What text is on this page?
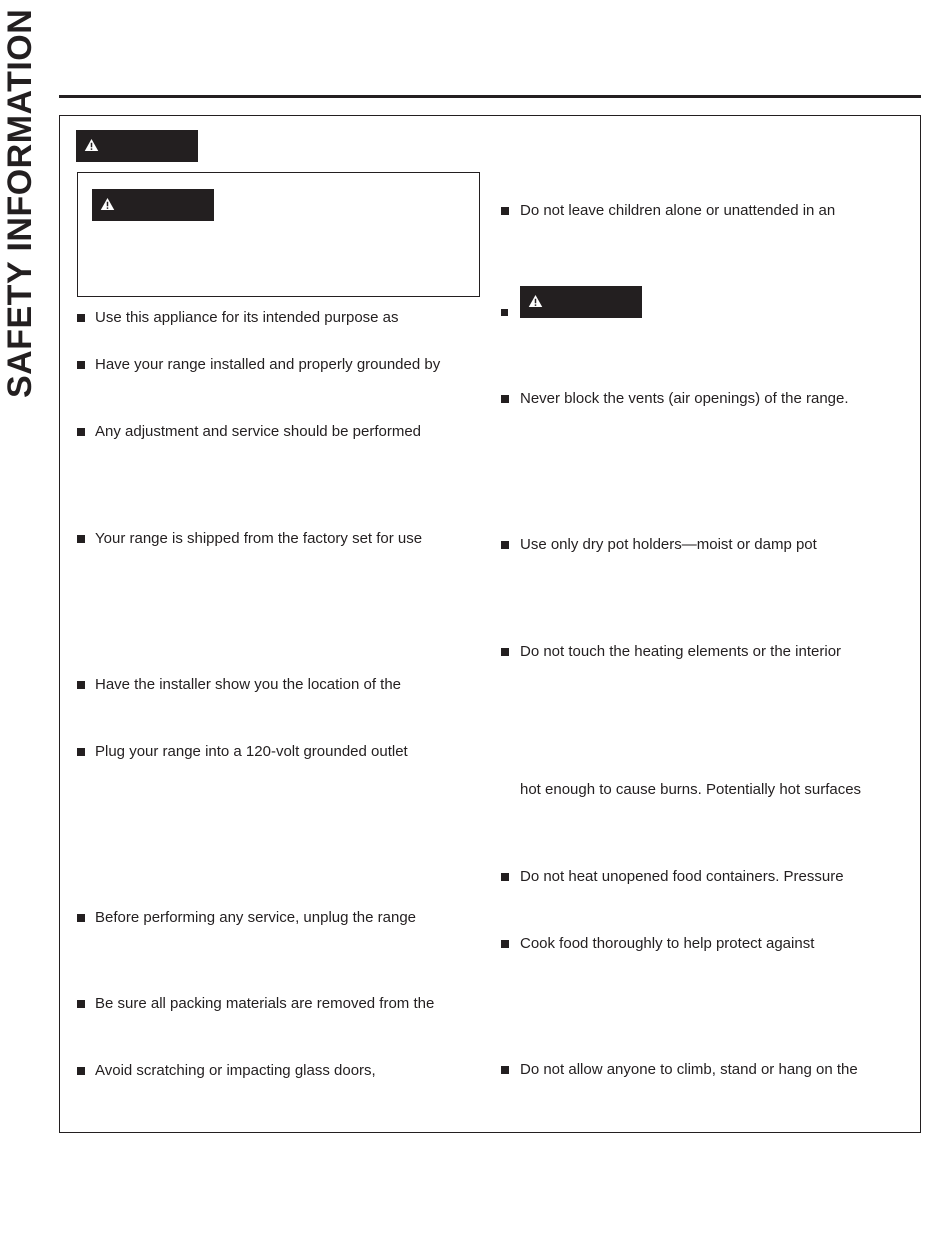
SAFETY INFORMATION	Use this appliance for its intended purpose as
Have your range installed and properly grounded by
Any adjustment and service should be performed
Your range is shipped from the factory set for use
Have the installer show you the location of the
Plug your range into a 120-volt grounded outlet
Before performing any service, unplug the range
Be sure all packing materials are removed from the
Avoid scratching or impacting glass doors,
Do not leave children alone or unattended in an
Never block the vents (air openings) of the range.
Use only dry pot holders—moist or damp pot
Do not touch the heating elements or the interior
hot enough to cause burns. Potentially hot surfaces
Do not heat unopened food containers. Pressure
Cook food thoroughly to help protect against
Do not allow anyone to climb, stand or hang on the
